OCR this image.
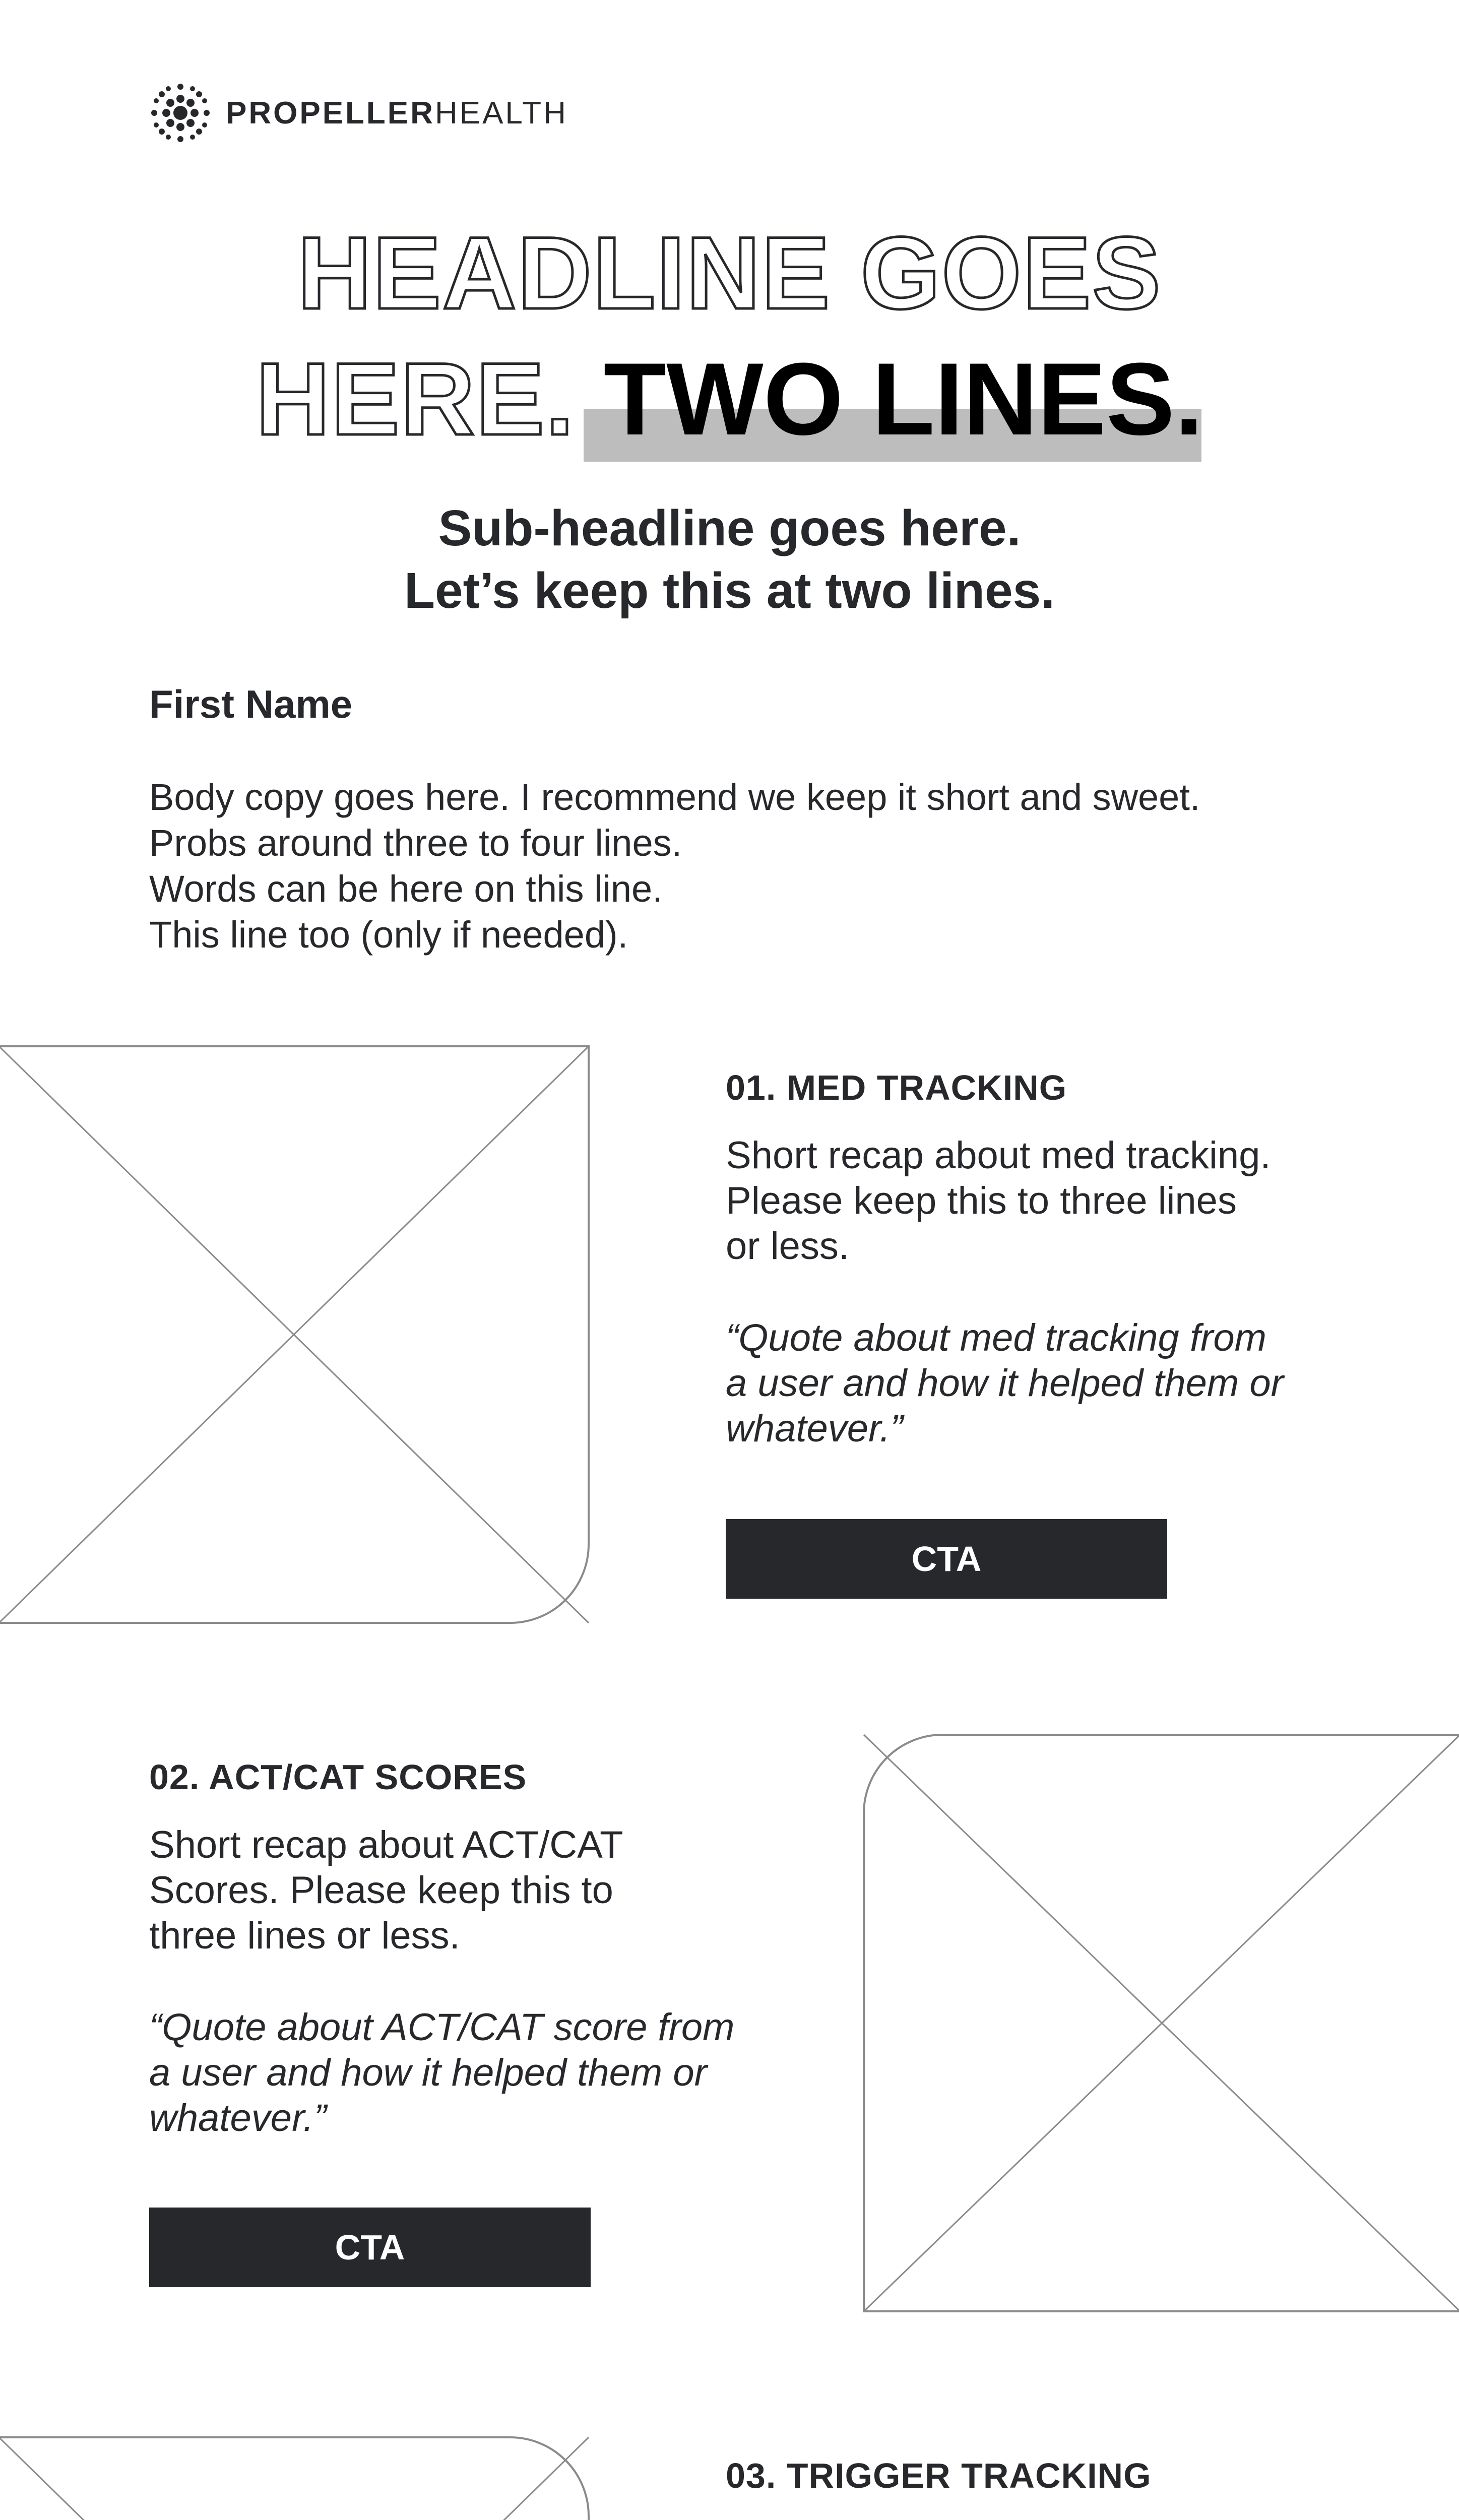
PROPELLERHEALTH
HEADLINE GOES
HERE. TWO LINES.
Sub-headline goes here.
Let’s keep this at two lines.
First Name
Body copy goes here. I recommend we keep it short and sweet.
Probs around three to four lines.
Words can be here on this line.
This line too (only if needed).
01. MED TRACKING
Short recap about med tracking.
Please keep this to three lines
or less.
“Quote about med tracking from
a user and how it helped them or
whatever.”
CTA
02. ACT/CAT SCORES
Short recap about ACT/CAT
Scores. Please keep this to
three lines or less.
“Quote about ACT/CAT score from
a user and how it helped them or
whatever.”
CTA
03. TRIGGER TRACKING
